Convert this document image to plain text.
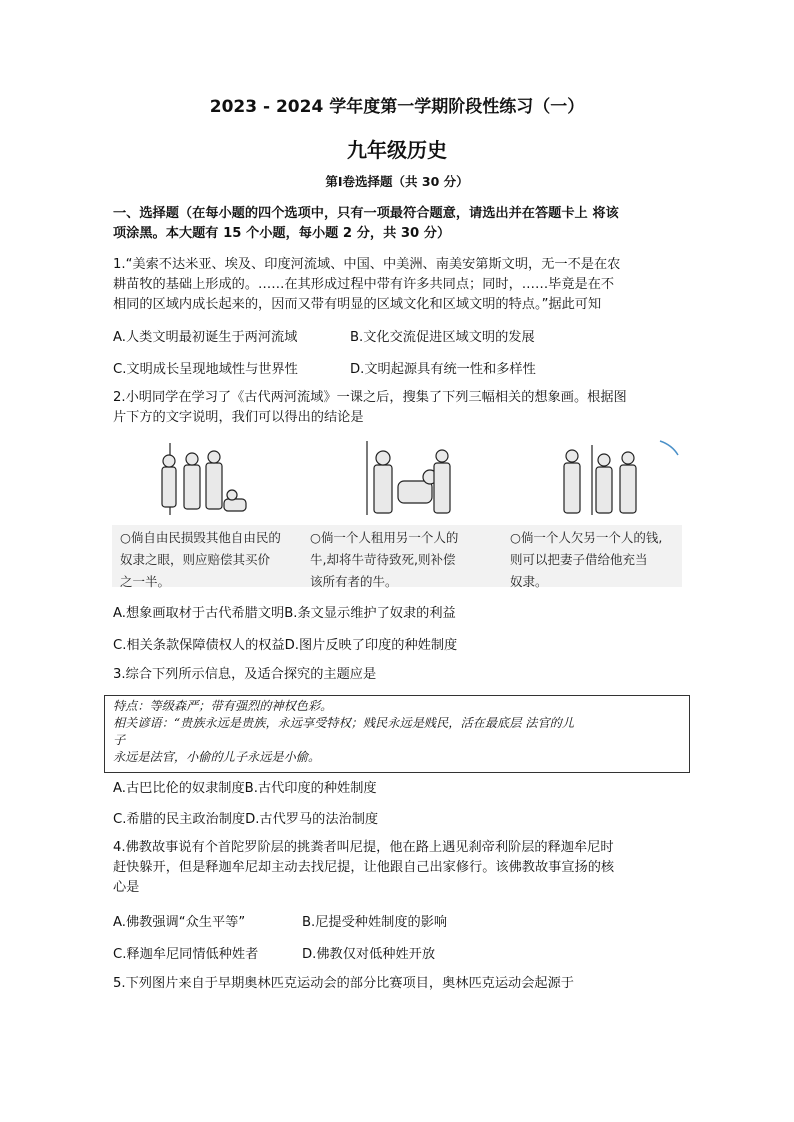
2023 - 2024 学年度第一学期阶段性练习（一）
九年级历史
第Ⅰ卷选择题（共 30 分）
一、选择题（在每小题的四个选项中，只有一项最符合题意，请选出并在答题卡上 将该
项涂黑。本大题有 15 个小题，每小题 2 分，共 30 分）
1.“美索不达米亚、埃及、印度河流域、中国、中美洲、南美安第斯文明，无一不是在农
耕苗牧的基础上形成的。……在其形成过程中带有许多共同点；同时，……毕竟是在不
相同的区域内成长起来的，因而又带有明显的区域文化和区域文明的特点。”据此可知
A.人类文明最初诞生于两河流域	B.文化交流促进区域文明的发展
C.文明成长呈现地域性与世界性	D.文明起源具有统一性和多样性
2.小明同学在学习了《古代两河流域》一课之后，搜集了下列三幅相关的想象画。根据图
片下方的文字说明，我们可以得出的结论是
○倘自由民损毁其他自由民的
奴隶之眼，则应赔偿其买价
之一半。
○倘一个人租用另一个人的
牛,却将牛苛待致死,则补偿
该所有者的牛。
○倘一个人欠另一个人的钱,
则可以把妻子借给他充当
奴隶。
A.想象画取材于古代希腊文明B.条文显示维护了奴隶的利益
C.相关条款保障债权人的权益D.图片反映了印度的种姓制度
3.综合下列所示信息，及适合探究的主题应是
特点：等级森严；带有强烈的神权色彩。
相关谚语：“贵族永远是贵族，永远享受特权；贱民永远是贱民，活在最底层 法官的儿
子
永远是法官，小偷的儿子永远是小偷。
A.古巴比伦的奴隶制度B.古代印度的种姓制度
C.希腊的民主政治制度D.古代罗马的法治制度
4.佛教故事说有个首陀罗阶层的挑粪者叫尼提，他在路上遇见刹帝利阶层的释迦牟尼时
赶快躲开，但是释迦牟尼却主动去找尼提，让他跟自己出家修行。该佛教故事宣扬的核
心是
A.佛教强调“众生平等”	B.尼提受种姓制度的影响
C.释迦牟尼同情低种姓者	D.佛教仅对低种姓开放
5.下列图片来自于早期奥林匹克运动会的部分比赛项目，奥林匹克运动会起源于
